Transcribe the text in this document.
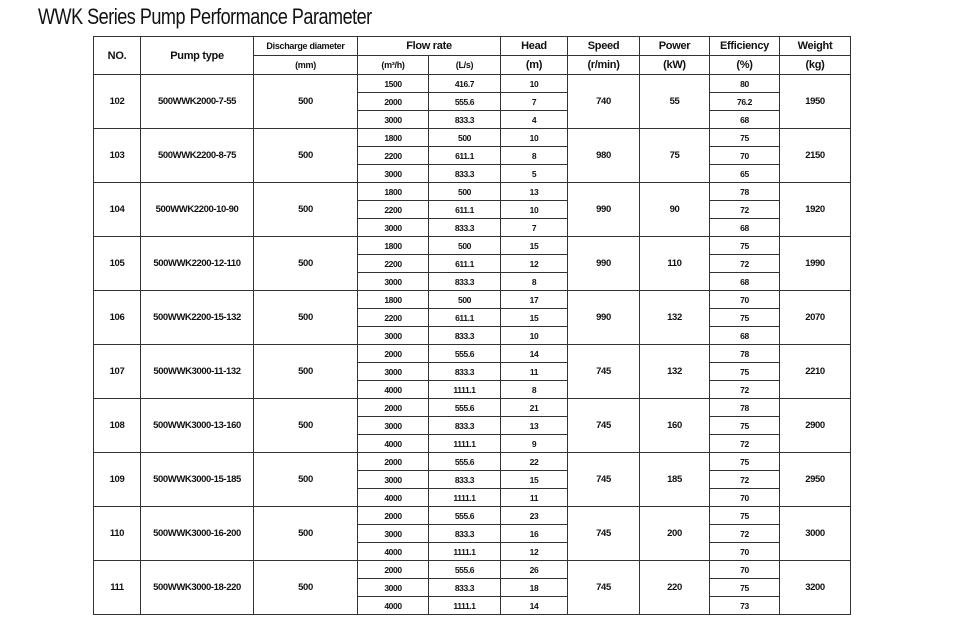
WWK Series Pump Performance Parameter
NO.	Pump type	Discharge diameter	Flow rate		Head	Speed	Power	Efficiency	Weight
		(mm)	(m³/h)	(L/s)	(m)	(r/min)	(kW)	(%)	(kg)
102	500WWK2000-7-55	500	1500	416.7	10	740	55	80	1950
			2000	555.6	7			76.2	
			3000	833.3	4			68	
103	500WWK2200-8-75	500	1800	500	10	980	75	75	2150
			2200	611.1	8			70	
			3000	833.3	5			65	
104	500WWK2200-10-90	500	1800	500	13	990	90	78	1920
			2200	611.1	10			72	
			3000	833.3	7			68	
105	500WWK2200-12-110	500	1800	500	15	990	110	75	1990
			2200	611.1	12			72	
			3000	833.3	8			68	
106	500WWK2200-15-132	500	1800	500	17	990	132	70	2070
			2200	611.1	15			75	
			3000	833.3	10			68	
107	500WWK3000-11-132	500	2000	555.6	14	745	132	78	2210
			3000	833.3	11			75	
			4000	1111.1	8			72	
108	500WWK3000-13-160	500	2000	555.6	21	745	160	78	2900
			3000	833.3	13			75	
			4000	1111.1	9			72	
109	500WWK3000-15-185	500	2000	555.6	22	745	185	75	2950
			3000	833.3	15			72	
			4000	1111.1	11			70	
110	500WWK3000-16-200	500	2000	555.6	23	745	200	75	3000
			3000	833.3	16			72	
			4000	1111.1	12			70	
111	500WWK3000-18-220	500	2000	555.6	26	745	220	70	3200
			3000	833.3	18			75	
			4000	1111.1	14			73	
